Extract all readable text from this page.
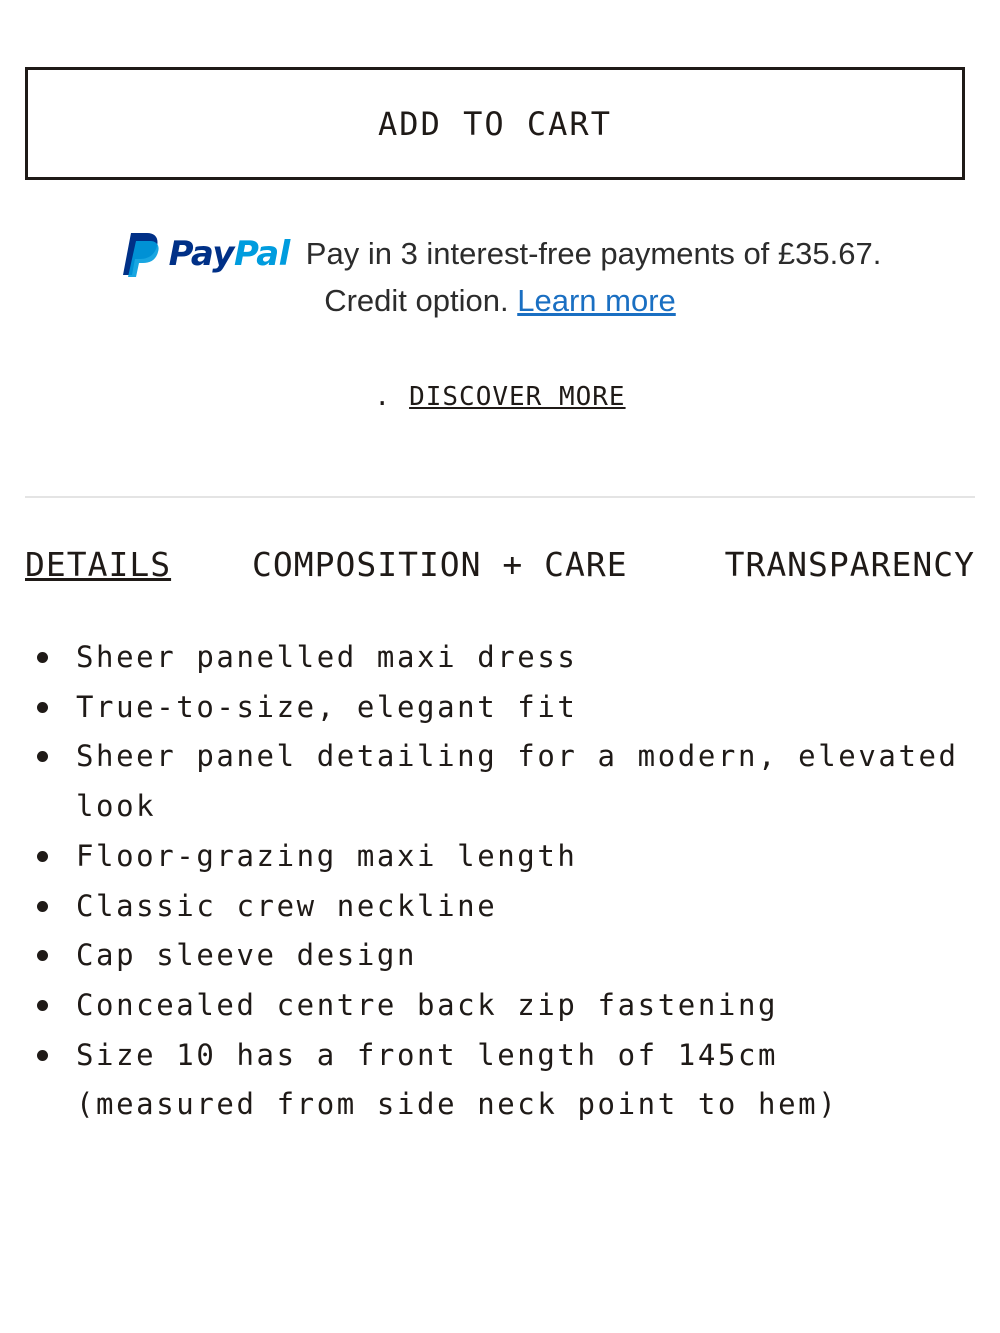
ADD TO CART
PayPal Pay in 3 interest-free payments of £35.67.
Credit option. Learn more
. DISCOVER MORE
DETAILS COMPOSITION + CARE	TRANSPARENCY
Sheer panelled maxi dress
True-to-size, elegant fit
Sheer panel detailing for a modern, elevated look
Floor-grazing maxi length
Classic crew neckline
Cap sleeve design
Concealed centre back zip fastening
Size 10 has a front length of 145cm (measured from side neck point to hem)
